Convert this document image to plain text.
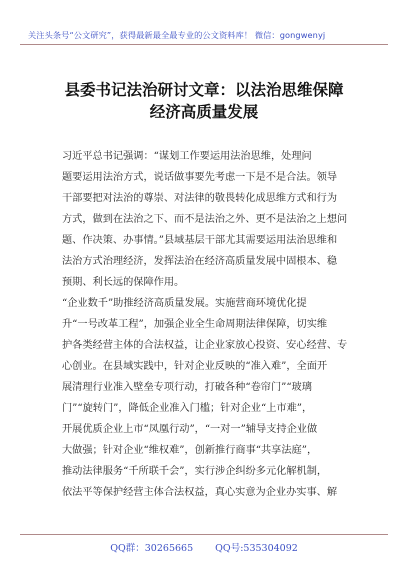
关注头条号“公文研究”，获得最新最全最专业的公文资料库！ 微信：gongwenyj
县委书记法治研讨文章：以法治思维保障
经济高质量发展

习近平总书记强调：“谋划工作要运用法治思维，处理问
题要运用法治方式，说话做事要先考虑一下是不是合法。领导
干部要把对法治的尊崇、对法律的敬畏转化成思维方式和行为
方式，做到在法治之下、而不是法治之外、更不是法治之上想问
题、作决策、办事情。”县域基层干部尤其需要运用法治思维和
法治方式治理经济，发挥法治在经济高质量发展中固根本、稳
预期、利长远的保障作用。

“企业数千”助推经济高质量发展。实施营商环境优化提
升“一号改革工程”，加强企业全生命周期法律保障，切实维
护各类经营主体的合法权益，让企业家放心投资、安心经营、专
心创业。在县域实践中，针对企业反映的“准入难”，全面开
展清理行业准入壁垒专项行动，打破各种“卷帘门”“玻璃
门”“旋转门”，降低企业准入门槛；针对企业“上市难”，
开展优质企业上市“凤凰行动”，“一对一”辅导支持企业做
大做强；针对企业“维权难”，创新推行商事“共享法庭”，
推动法律服务“千所联千会”，实行涉企纠纷多元化解机制，
依法平等保护经营主体合法权益，真心实意为企业办实事、解

QQ群：30265665 QQ号:535304092
